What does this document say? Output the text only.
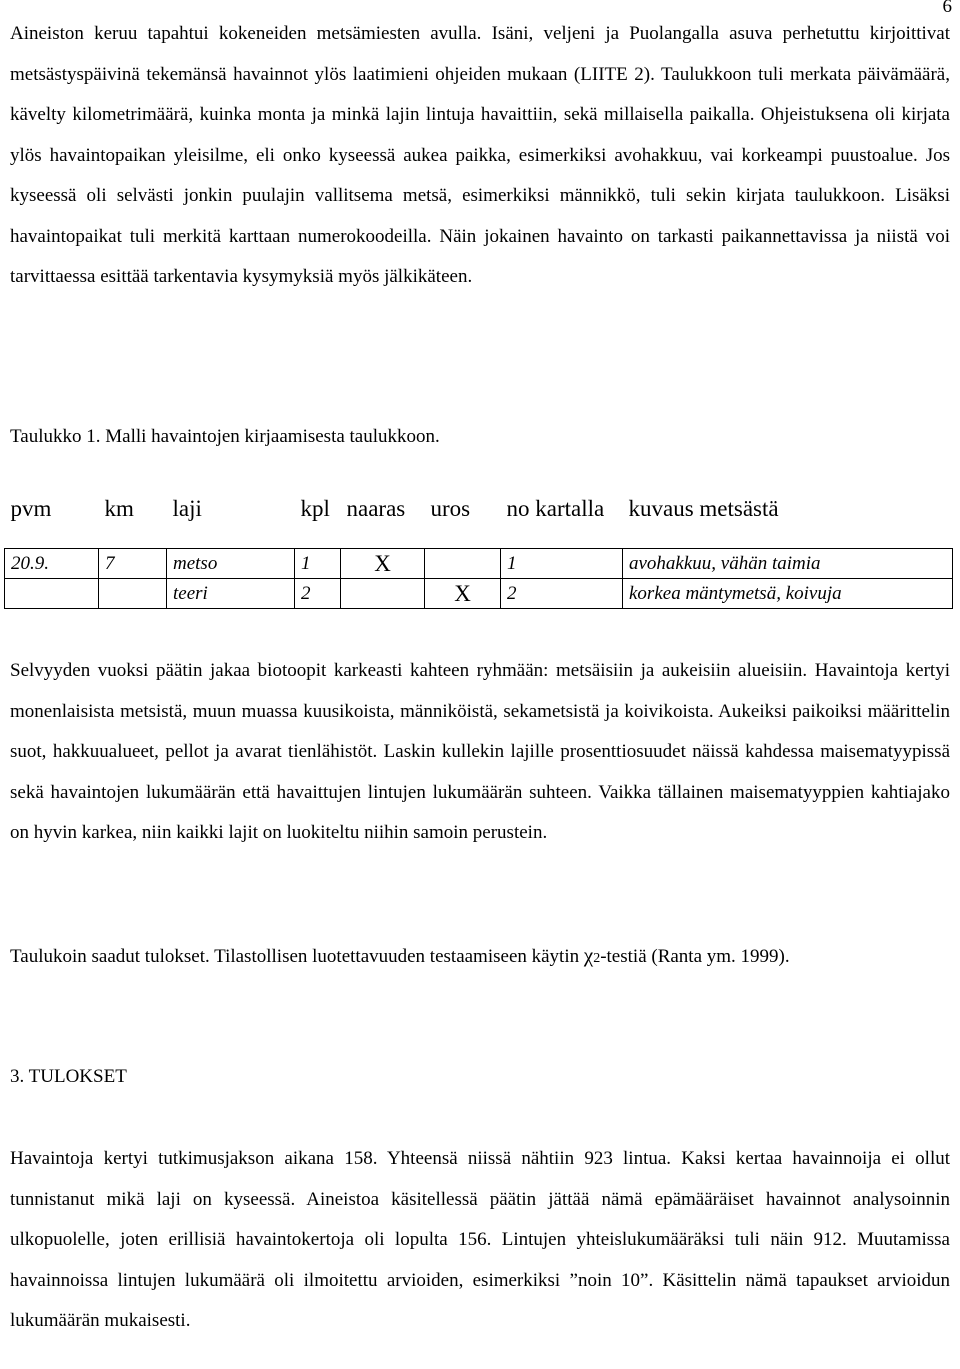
6

Aineiston keruu tapahtui kokeneiden metsämiesten avulla. Isäni, veljeni ja Puolangalla asuva perhetuttu kirjoittivat metsästyspäivinä tekemänsä havainnot ylös laatimieni ohjeiden mukaan (LIITE 2). Taulukkoon tuli merkata päivämäärä, kävelty kilometrimäärä, kuinka monta ja minkä lajin lintuja havaittiin, sekä millaisella paikalla. Ohjeistuksena oli kirjata ylös havaintopaikan yleisilme, eli onko kyseessä aukea paikka, esimerkiksi avohakkuu, vai korkeampi puustoalue. Jos kyseessä oli selvästi jonkin puulajin vallitsema metsä, esimerkiksi männikkö, tuli sekin kirjata taulukkoon. Lisäksi havaintopaikat tuli merkitä karttaan numerokoodeilla. Näin jokainen havainto on tarkasti paikannettavissa ja niistä voi tarvittaessa esittää tarkentavia kysymyksiä myös jälkikäteen.

Taulukko 1. Malli havaintojen kirjaamisesta taulukkoon.

pvm	km	laji	kpl	naaras	uros	no kartalla	kuvaus metsästä
20.9.	7	metso	1	X		1	avohakkuu, vähän taimia
		teeri	2		X	2	korkea mäntymetsä, koivuja

Selvyyden vuoksi päätin jakaa biotoopit karkeasti kahteen ryhmään: metsäisiin ja aukeisiin alueisiin. Havaintoja kertyi monenlaisista metsistä, muun muassa kuusikoista, männiköistä, sekametsistä ja koivikoista. Aukeiksi paikoiksi määrittelin suot, hakkuualueet, pellot ja avarat tienlähistöt. Laskin kullekin lajille prosenttiosuudet näissä kahdessa maisematyypissä sekä havaintojen lukumäärän että havaittujen lintujen lukumäärän suhteen. Vaikka tällainen maisematyyppien kahtiajako on hyvin karkea, niin kaikki lajit on luokiteltu niihin samoin perustein.

Taulukoin saadut tulokset. Tilastollisen luotettavuuden testaamiseen käytin χ2-testiä (Ranta ym. 1999).

3. TULOKSET

Havaintoja kertyi tutkimusjakson aikana 158. Yhteensä niissä nähtiin 923 lintua. Kaksi kertaa havainnoija ei ollut tunnistanut mikä laji on kyseessä. Aineistoa käsitellessä päätin jättää nämä epämääräiset havainnot analysoinnin ulkopuolelle, joten erillisiä havaintokertoja oli lopulta 156. Lintujen yhteislukumääräksi tuli näin 912. Muutamissa havainnoissa lintujen lukumäärä oli ilmoitettu arvioiden, esimerkiksi ”noin 10”. Käsittelin nämä tapaukset arvioidun lukumäärän mukaisesti.
